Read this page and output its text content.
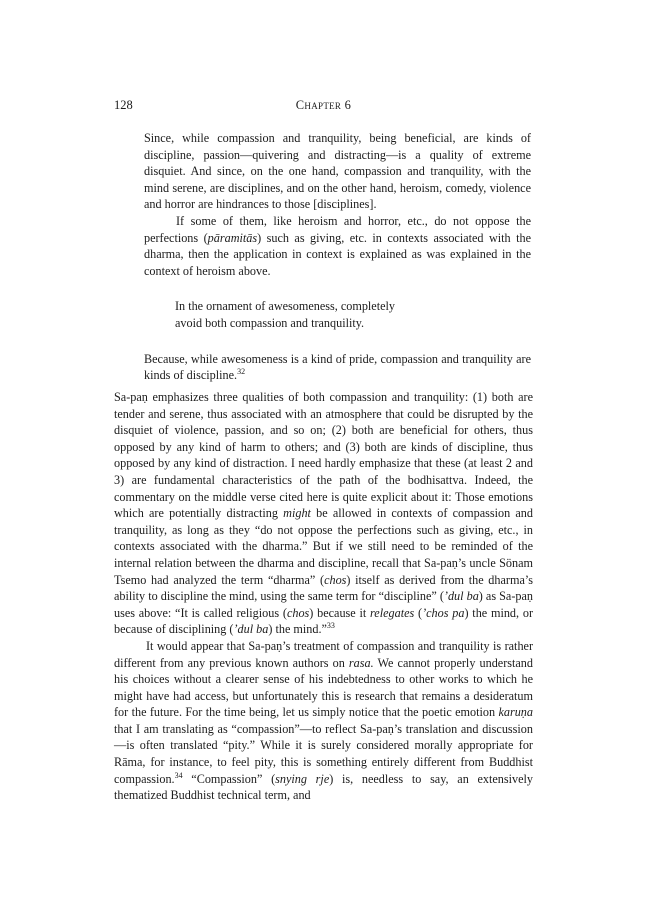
128	Chapter 6

Since, while compassion and tranquility, being beneficial, are kinds of discipline, passion—quivering and distracting—is a quality of extreme disquiet. And since, on the one hand, compassion and tranquility, with the mind serene, are disciplines, and on the other hand, heroism, comedy, violence and horror are hindrances to those [disciplines].

If some of them, like heroism and horror, etc., do not oppose the perfections (pāramitās) such as giving, etc. in contexts associated with the dharma, then the application in context is explained as was explained in the context of heroism above.

In the ornament of awesomeness, completely
avoid both compassion and tranquility.

Because, while awesomeness is a kind of pride, compassion and tranquility are kinds of discipline.$^{32}$

Sa-paṇ emphasizes three qualities of both compassion and tranquility: (1) both are tender and serene, thus associated with an atmosphere that could be disrupted by the disquiet of violence, passion, and so on; (2) both are beneficial for others, thus opposed by any kind of harm to others; and (3) both are kinds of discipline, thus opposed by any kind of distraction. I need hardly emphasize that these (at least 2 and 3) are fundamental characteristics of the path of the bodhisattva. Indeed, the commentary on the middle verse cited here is quite explicit about it: Those emotions which are potentially distracting might be allowed in contexts of compassion and tranquility, as long as they “do not oppose the perfections such as giving, etc., in contexts associated with the dharma.” But if we still need to be reminded of the internal relation between the dharma and discipline, recall that Sa-paṇ’s uncle Sönam Tsemo had analyzed the term “dharma” (chos) itself as derived from the dharma’s ability to discipline the mind, using the same term for “discipline” (’dul ba) as Sa-paṇ uses above: “It is called religious (chos) because it relegates (’chos pa) the mind, or because of disciplining (’dul ba) the mind.”$^{33}$

It would appear that Sa-paṇ’s treatment of compassion and tranquility is rather different from any previous known authors on rasa. We cannot properly understand his choices without a clearer sense of his indebtedness to other works to which he might have had access, but unfortunately this is research that remains a desideratum for the future. For the time being, let us simply notice that the poetic emotion karuṇa that I am translating as “compassion”—to reflect Sa-paṇ’s translation and discussion—is often translated “pity.” While it is surely considered morally appropriate for Rāma, for instance, to feel pity, this is something entirely different from Buddhist compassion.$^{34}$ “Compassion” (snying rje) is, needless to say, an extensively thematized Buddhist technical term, and
